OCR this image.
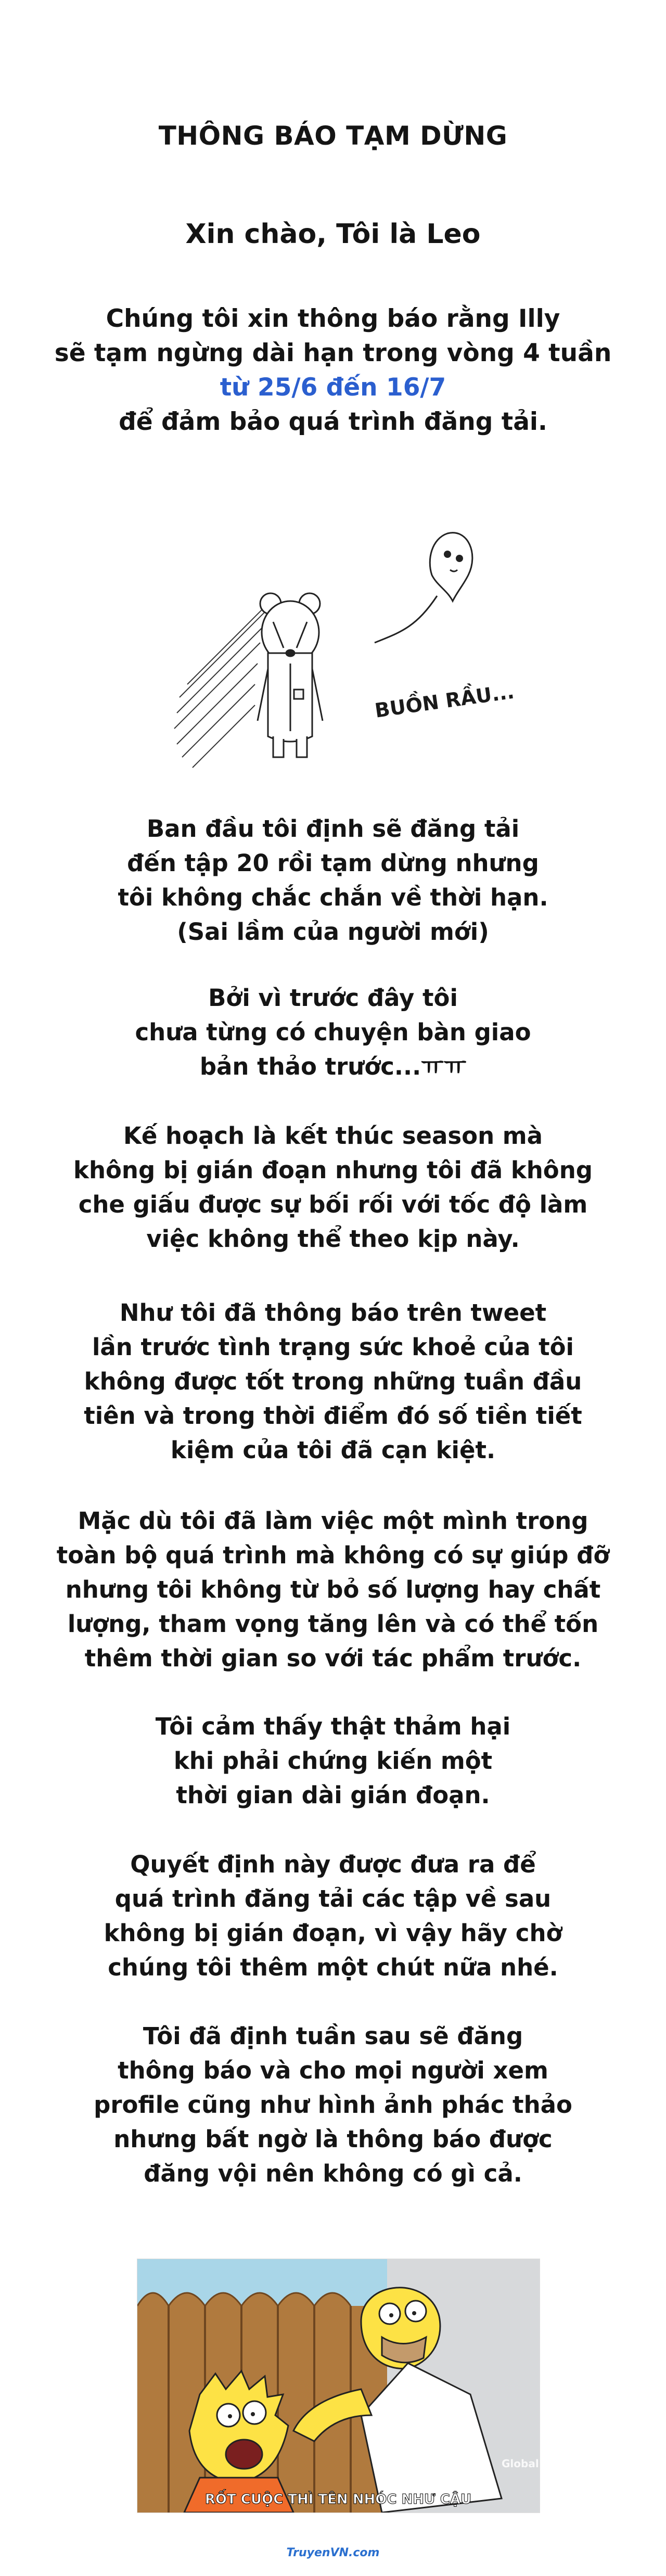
THÔNG BÁO TẠM DỪNG
Xin chào, Tôi là Leo
Chúng tôi xin thông báo rằng Illy
sẽ tạm ngừng dài hạn trong vòng 4 tuần
từ 25/6 đến 16/7
để đảm bảo quá trình đăng tải.
BUỒN RẦU...
Ban đầu tôi định sẽ đăng tải
đến tập 20 rồi tạm dừng nhưng
tôi không chắc chắn về thời hạn.
(Sai lầm của người mới)
Bởi vì trước đây tôi
chưa từng có chuyện bàn giao
bản thảo trước...ㅠㅠ
Kế hoạch là kết thúc season mà
không bị gián đoạn nhưng tôi đã không
che giấu được sự bối rối với tốc độ làm
việc không thể theo kịp này.
Như tôi đã thông báo trên tweet
lần trước tình trạng sức khoẻ của tôi
không được tốt trong những tuần đầu
tiên và trong thời điểm đó số tiền tiết
kiệm của tôi đã cạn kiệt.
Mặc dù tôi đã làm việc một mình trong
toàn bộ quá trình mà không có sự giúp đỡ
nhưng tôi không từ bỏ số lượng hay chất
lượng, tham vọng tăng lên và có thể tốn
thêm thời gian so với tác phẩm trước.
Tôi cảm thấy thật thảm hại
khi phải chứng kiến một
thời gian dài gián đoạn.
Quyết định này được đưa ra để
quá trình đăng tải các tập về sau
không bị gián đoạn, vì vậy hãy chờ
chúng tôi thêm một chút nữa nhé.
Tôi đã định tuần sau sẽ đăng
thông báo và cho mọi người xem
profile cũng như hình ảnh phác thảo
nhưng bất ngờ là thông báo được
đăng vội nên không có gì cả.
Global
RỐT CUỘC THÌ TÊN NHÓC NHƯ CẬU
TruyenVN.com
